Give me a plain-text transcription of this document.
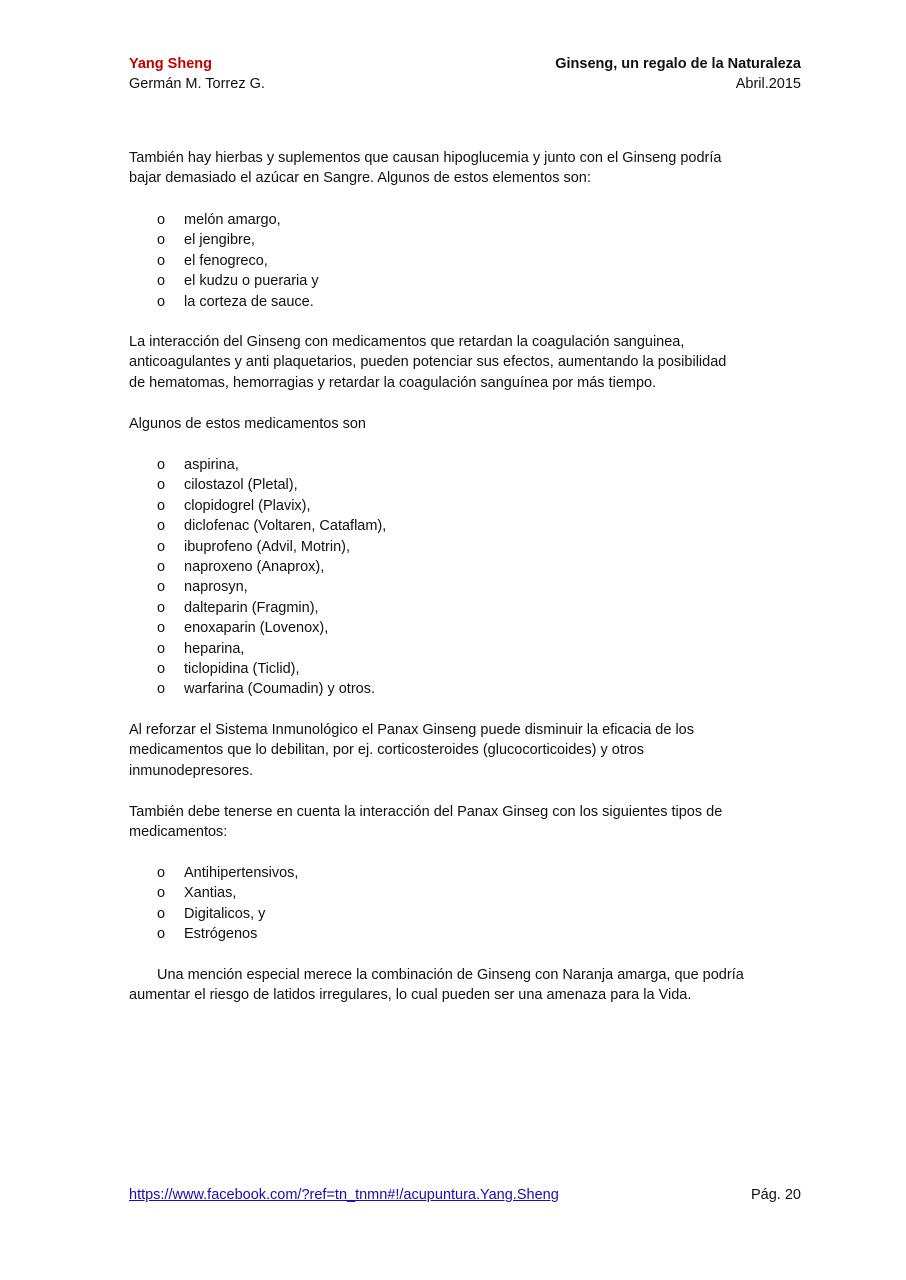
Yang Sheng
Germán M. Torrez G.
Ginseng, un regalo de la Naturaleza
Abril.2015
También hay hierbas y suplementos que causan hipoglucemia y junto con el Ginseng podría
bajar demasiado el azúcar en Sangre. Algunos de estos elementos son:
o melón amargo,
o el jengibre,
o el fenogreco,
o el kudzu o pueraria y
o la corteza de sauce.
La interacción del Ginseng con medicamentos que retardan la coagulación sanguinea,
anticoagulantes y anti plaquetarios, pueden potenciar sus efectos, aumentando la posibilidad
de hematomas, hemorragias y retardar la coagulación sanguínea por más tiempo.
Algunos de estos medicamentos son
o aspirina,
o cilostazol (Pletal),
o clopidogrel (Plavix),
o diclofenac (Voltaren, Cataflam),
o ibuprofeno (Advil, Motrin),
o naproxeno (Anaprox),
o naprosyn,
o dalteparin (Fragmin),
o enoxaparin (Lovenox),
o heparina,
o ticlopidina (Ticlid),
o warfarina (Coumadin) y otros.
Al reforzar el Sistema Inmunológico el Panax Ginseng puede disminuir la eficacia de los
medicamentos que lo debilitan, por ej. corticosteroides (glucocorticoides) y otros
inmunodepresores.
También debe tenerse en cuenta la interacción del Panax Ginseg con los siguientes tipos de
medicamentos:
o Antihipertensivos,
o Xantias,
o Digitalicos, y
o Estrógenos
Una mención especial merece la combinación de Ginseng con Naranja amarga, que podría
aumentar el riesgo de latidos irregulares, lo cual pueden ser una amenaza para la Vida.
https://www.facebook.com/?ref=tn_tnmn#!/acupuntura.Yang.Sheng	Pág. 20
